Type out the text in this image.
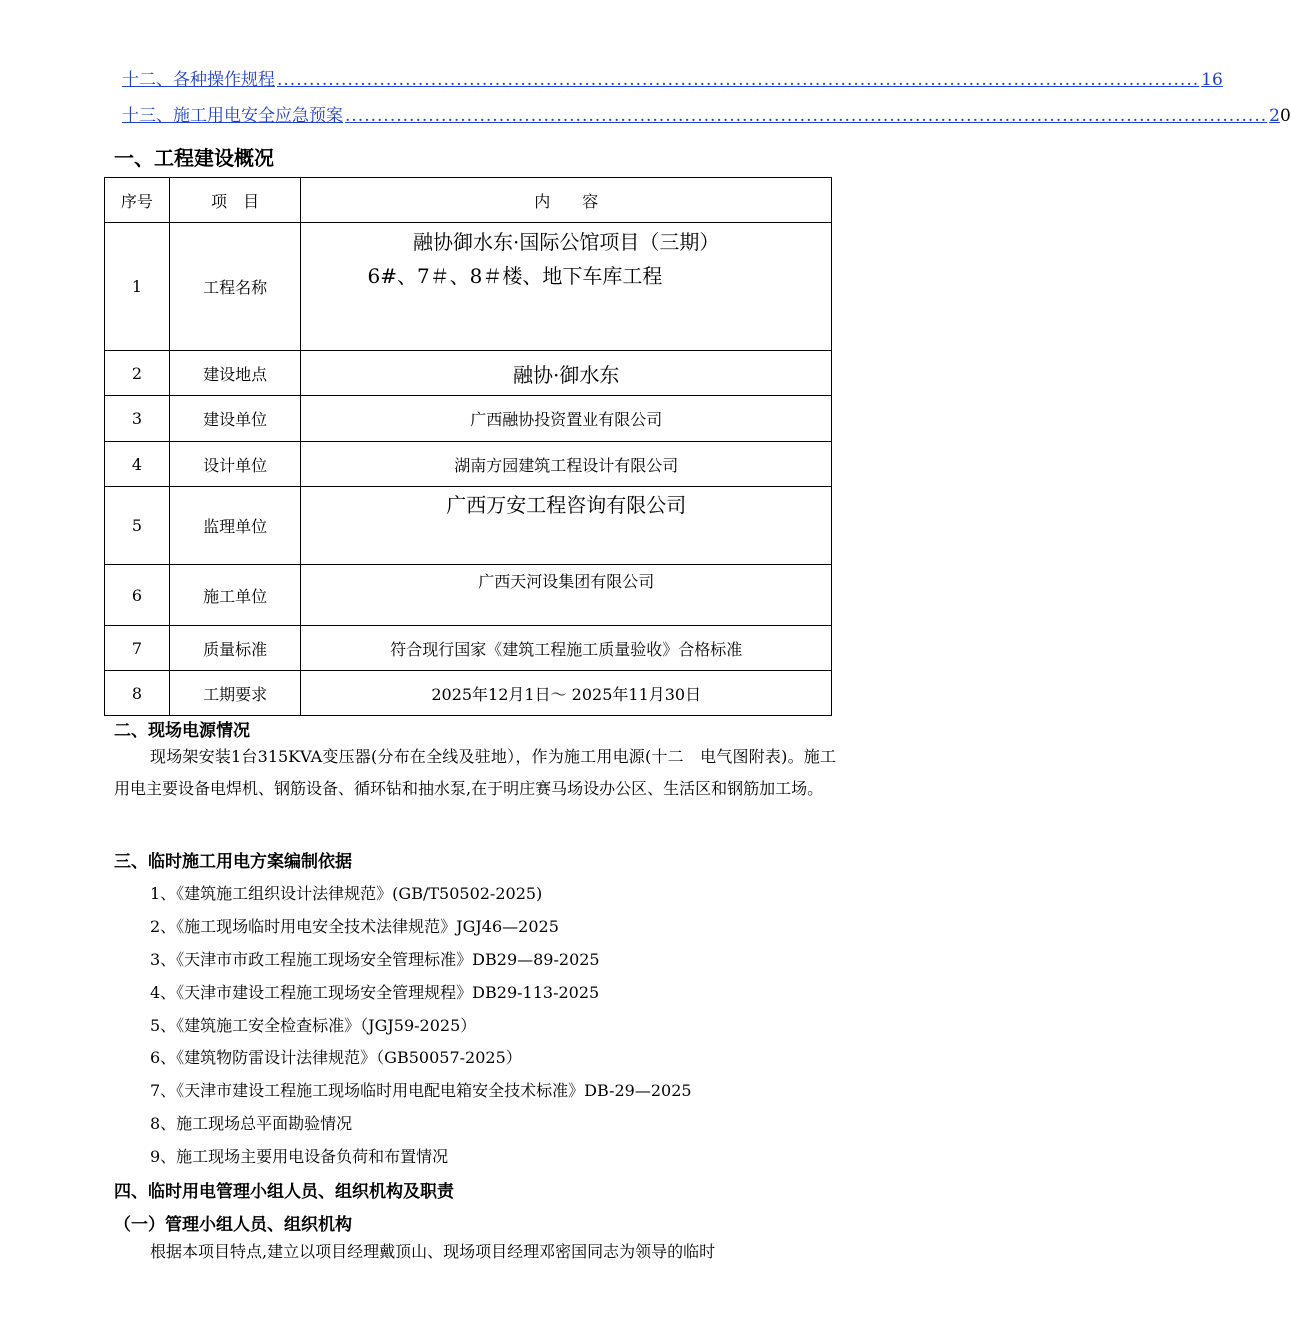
十二、各种操作规程 ................................................................................................................................................ 16
十三、施工用电安全应急预案 ................................................................................................................................................ 2 0
一、工程建设概况
序号	项　目	内　　容
1	工程名称	融协御水东·国际公馆项目（三期）
6#、7＃、8＃楼、地下车库工程

2	建设地点	融协·御水东
3	建设单位	广西融协投资置业有限公司
4	设计单位	湖南方园建筑工程设计有限公司
5	监理单位	广西万安工程咨询有限公司
6	施工单位	广西天河设集团有限公司
7	质量标准	符合现行国家《建筑工程施工质量验收》合格标准
8	工期要求	2025年12月1日～ 2025年11月30日
二、现场电源情况
现场架安装1台315KVA变压器(分布在全线及驻地），作为施工用电源(十二　电气图附表)。施工用电主要设备电焊机、钢筋设备、循环钻和抽水泵,在于明庄赛马场设办公区、生活区和钢筋加工场。
三、临时施工用电方案编制依据
1、《建筑施工组织设计法律规范》(GB/T50502-2025)
2、《施工现场临时用电安全技术法律规范》JGJ46—2025
3、《天津市市政工程施工现场安全管理标准》DB29—89-2025
4、《天津市建设工程施工现场安全管理规程》DB29-113-2025
5、《建筑施工安全检查标准》（JGJ59-2025）
6、《建筑物防雷设计法律规范》（GB50057-2025）
7、《天津市建设工程施工现场临时用电配电箱安全技术标准》DB-29—2025
8、施工现场总平面勘验情况
9、施工现场主要用电设备负荷和布置情况
四、临时用电管理小组人员、组织机构及职责
（一）管理小组人员、组织机构
根据本项目特点,建立以项目经理戴顶山、现场项目经理邓密国同志为领导的临时
